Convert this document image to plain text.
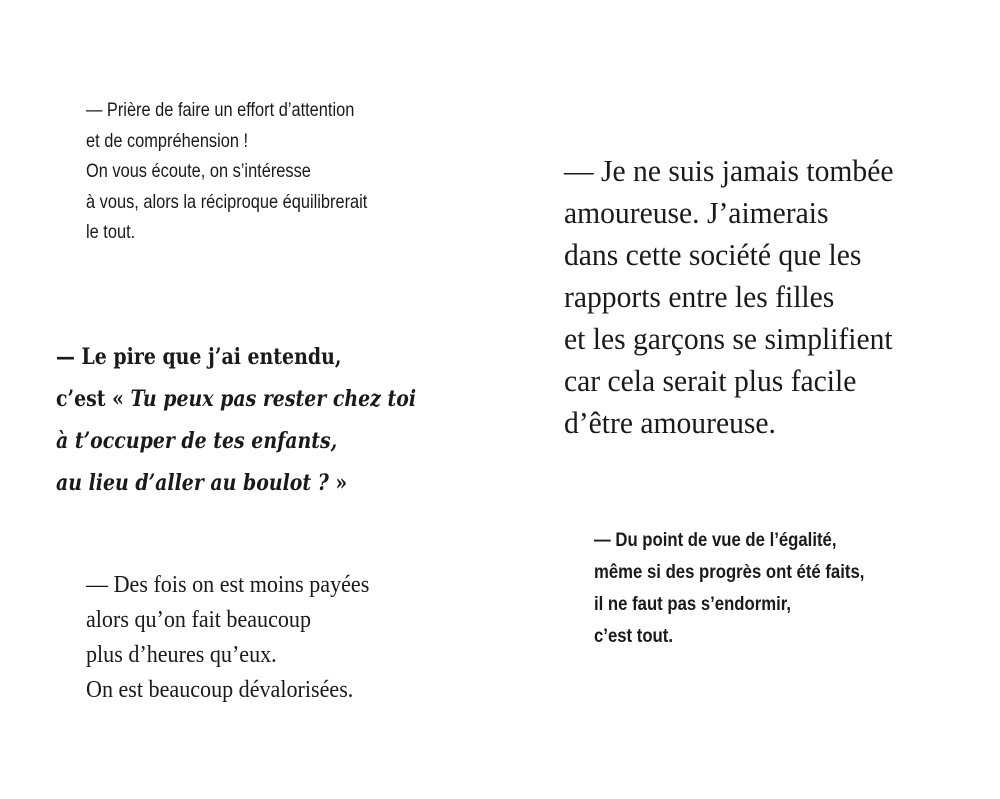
— Prière de faire un effort d’attention
et de compréhension !
On vous écoute, on s’intéresse
à vous, alors la réciproque équilibrerait
le tout.

— Le pire que j’ai entendu,
c’est « Tu peux pas rester chez toi
à t’occuper de tes enfants,
au lieu d’aller au boulot ? »

— Des fois on est moins payées
alors qu’on fait beaucoup
plus d’heures qu’eux.
On est beaucoup dévalorisées.

— Je ne suis jamais tombée
amoureuse. J’aimerais
dans cette société que les
rapports entre les filles
et les garçons se simplifient
car cela serait plus facile
d’être amoureuse.

— Du point de vue de l’égalité,
même si des progrès ont été faits,
il ne faut pas s’endormir,
c’est tout.
